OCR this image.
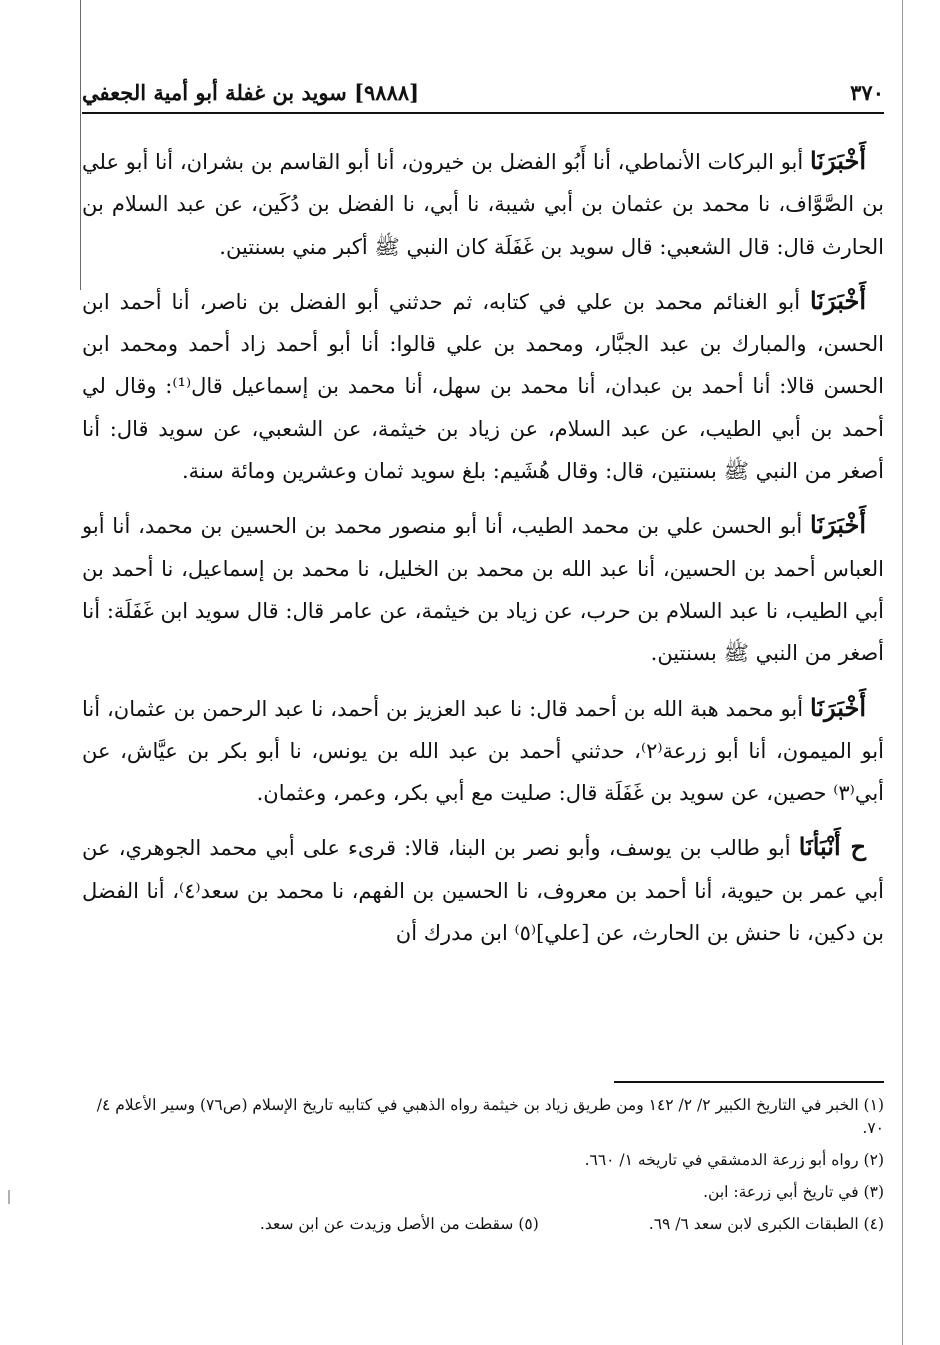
٣٧٠
[٩٨٨٨] سويد بن غفلة أبو أمية الجعفي

أَخْبَرَنَا أبو البركات الأنماطي، أنا أَبُو الفضل بن خيرون، أنا أبو القاسم بن بشران، أنا أبو علي بن الصَّوَّاف، نا محمد بن عثمان بن أبي شيبة، نا أبي، نا الفضل بن دُكَين، عن عبد السلام بن الحارث قال: قال الشعبي: قال سويد بن غَفَلَة كان النبي ﷺ أكبر مني بسنتين.

أَخْبَرَنَا أبو الغنائم محمد بن علي في كتابه، ثم حدثني أبو الفضل بن ناصر، أنا أحمد ابن الحسن، والمبارك بن عبد الجبَّار، ومحمد بن علي قالوا: أنا أبو أحمد زاد أحمد ومحمد ابن الحسن قالا: أنا أحمد بن عبدان، أنا محمد بن سهل، أنا محمد بن إسماعيل قال⁽¹⁾: وقال لي أحمد بن أبي الطيب، عن عبد السلام، عن زياد بن خيثمة، عن الشعبي، عن سويد قال: أنا أصغر من النبي ﷺ بسنتين، قال: وقال هُشَيم: بلغ سويد ثمان وعشرين ومائة سنة.

أَخْبَرَنَا أبو الحسن علي بن محمد الطيب، أنا أبو منصور محمد بن الحسين بن محمد، أنا أبو العباس أحمد بن الحسين، أنا عبد الله بن محمد بن الخليل، نا محمد بن إسماعيل، نا أحمد بن أبي الطيب، نا عبد السلام بن حرب، عن زياد بن خيثمة، عن عامر قال: قال سويد ابن غَفَلَة: أنا أصغر من النبي ﷺ بسنتين.

أَخْبَرَنَا أبو محمد هبة الله بن أحمد قال: نا عبد العزيز بن أحمد، نا عبد الرحمن بن عثمان، أنا أبو الميمون، أنا أبو زرعة⁽٢⁾، حدثني أحمد بن عبد الله بن يونس، نا أبو بكر بن عيَّاش، عن أبي⁽٣⁾ حصين، عن سويد بن غَفَلَة قال: صليت مع أبي بكر، وعمر، وعثمان.

ح أَنْبَأنَا أبو طالب بن يوسف، وأبو نصر بن البنا، قالا: قرىء على أبي محمد الجوهري، عن أبي عمر بن حيوية، أنا أحمد بن معروف، نا الحسين بن الفهم، نا محمد بن سعد⁽٤⁾، أنا الفضل بن دكين، نا حنش بن الحارث، عن [علي]⁽٥⁾ ابن مدرك أن

(١) الخبر في التاريخ الكبير ٢/ ٢/ ١٤٢ ومن طريق زياد بن خيثمة رواه الذهبي في كتابيه تاريخ الإسلام (ص٧٦) وسير الأعلام ٤/ ٧٠.

(٢) رواه أبو زرعة الدمشقي في تاريخه ١/ ٦٦٠.

(٣) في تاريخ أبي زرعة: ابن.

(٤) الطبقات الكبرى لابن سعد ٦/ ٦٩.
(٥) سقطت من الأصل وزيدت عن ابن سعد.
